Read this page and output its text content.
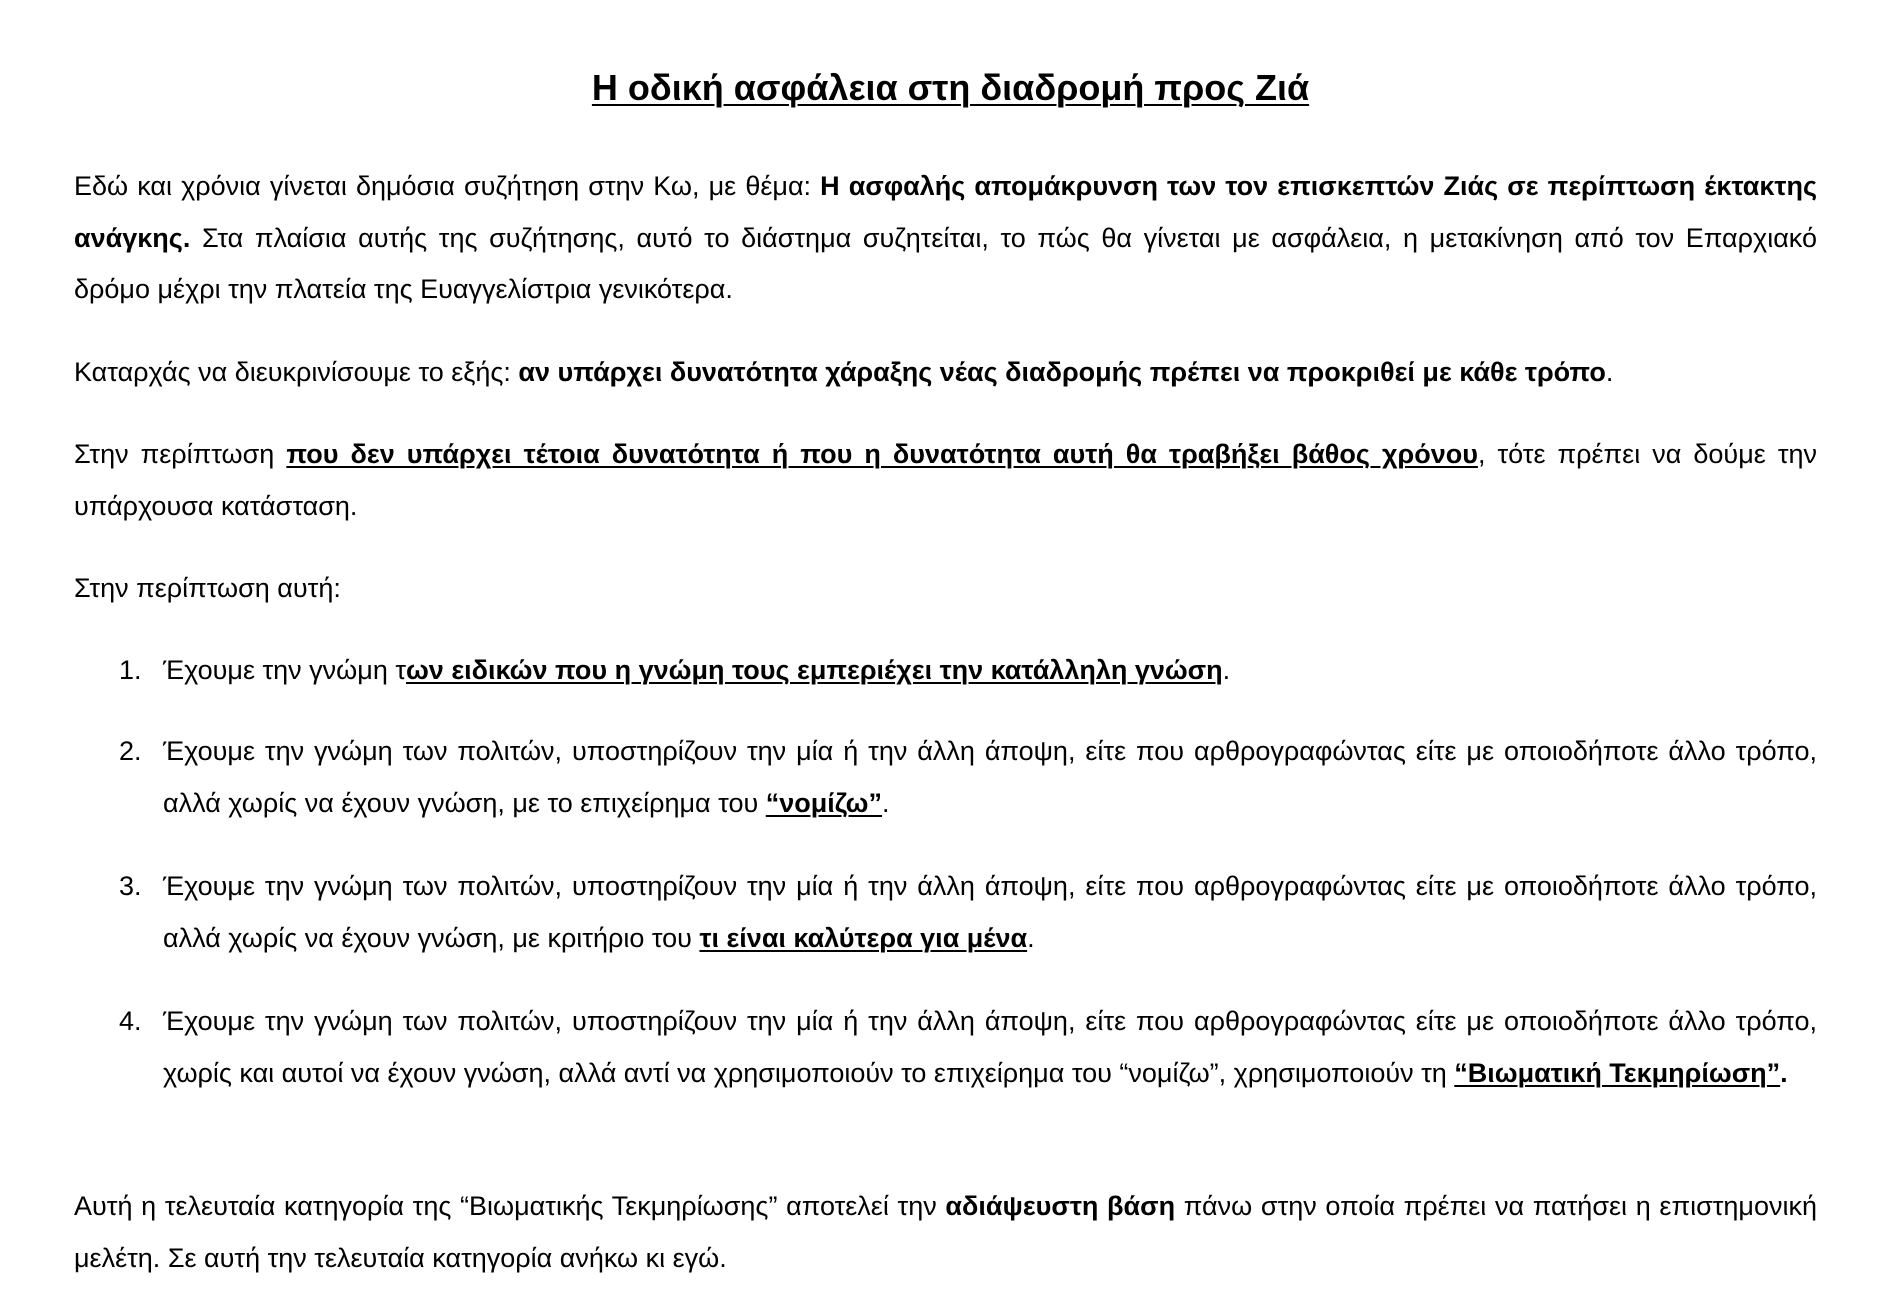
Η οδική ασφάλεια στη διαδρομή προς Ζιά

Εδώ και χρόνια γίνεται δημόσια συζήτηση στην Κω, με θέμα: Η ασφαλής απομάκρυνση των τον επισκεπτών Ζιάς σε περίπτωση έκτακτης ανάγκης. Στα πλαίσια αυτής της συζήτησης, αυτό το διάστημα συζητείται, το πώς θα γίνεται με ασφάλεια, η μετακίνηση από τον Επαρχιακό δρόμο μέχρι την πλατεία της Ευαγγελίστρια γενικότερα.

Καταρχάς να διευκρινίσουμε το εξής: αν υπάρχει δυνατότητα χάραξης νέας διαδρομής πρέπει να προκριθεί με κάθε τρόπο.

Στην περίπτωση που δεν υπάρχει τέτοια δυνατότητα ή που η δυνατότητα αυτή θα τραβήξει βάθος χρόνου, τότε πρέπει να δούμε την υπάρχουσα κατάσταση.

Στην περίπτωση αυτή:

1. Έχουμε την γνώμη των ειδικών που η γνώμη τους εμπεριέχει την κατάλληλη γνώση.
2. Έχουμε την γνώμη των πολιτών, υποστηρίζουν την μία ή την άλλη άποψη, είτε που αρθρογραφώντας είτε με οποιοδήποτε άλλο τρόπο, αλλά χωρίς να έχουν γνώση, με το επιχείρημα του “νομίζω”.
3. Έχουμε την γνώμη των πολιτών, υποστηρίζουν την μία ή την άλλη άποψη, είτε που αρθρογραφώντας είτε με οποιοδήποτε άλλο τρόπο, αλλά χωρίς να έχουν γνώση, με κριτήριο του τι είναι καλύτερα για μένα.
4. Έχουμε την γνώμη των πολιτών, υποστηρίζουν την μία ή την άλλη άποψη, είτε που αρθρογραφώντας είτε με οποιοδήποτε άλλο τρόπο, χωρίς και αυτοί να έχουν γνώση, αλλά αντί να χρησιμοποιούν το επιχείρημα του “νομίζω”, χρησιμοποιούν τη “Βιωματική Τεκμηρίωση”.

Αυτή η τελευταία κατηγορία της “Βιωματικής Τεκμηρίωσης” αποτελεί την αδιάψευστη βάση πάνω στην οποία πρέπει να πατήσει η επιστημονική μελέτη. Σε αυτή την τελευταία κατηγορία ανήκω κι εγώ.
